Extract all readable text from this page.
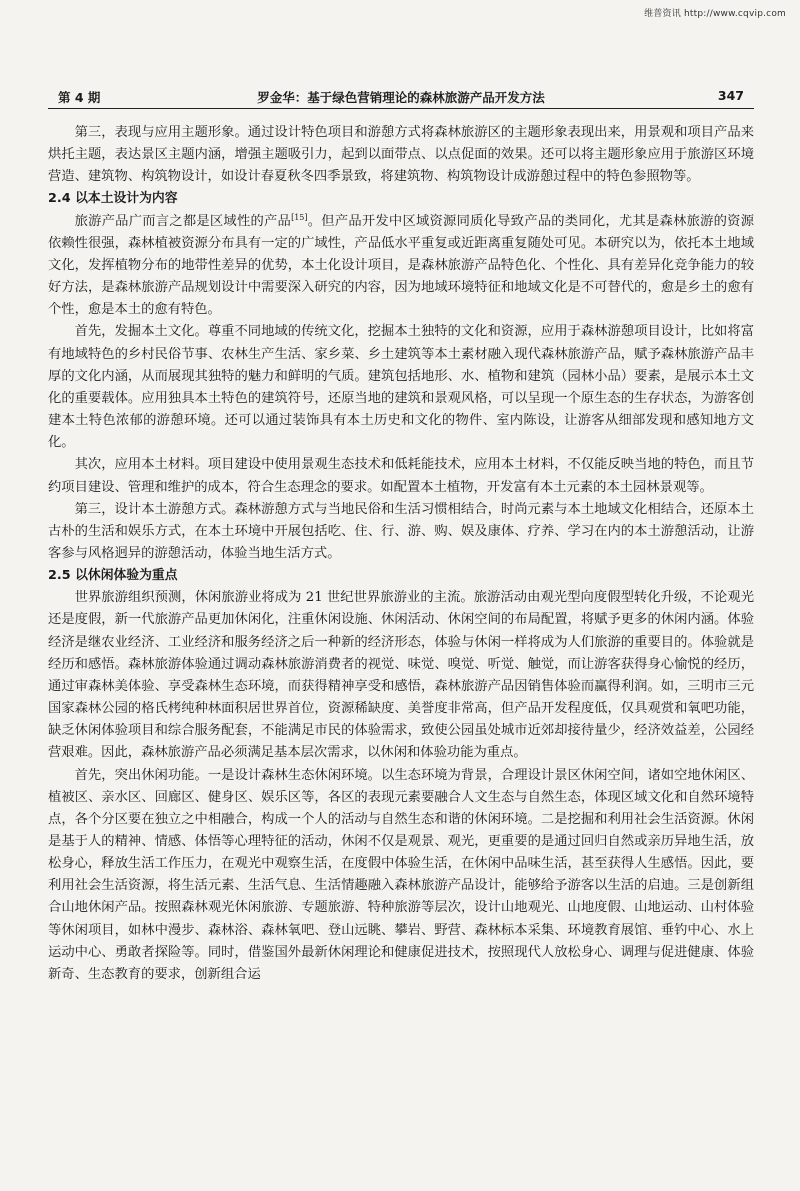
维普资讯 http://www.cqvip.com
罗金华：基于绿色营销理论的森林旅游产品开发方法
第 4 期	347

第三，表现与应用主题形象。通过设计特色项目和游憩方式将森林旅游区的主题形象表现出来，用景观和项目产品来烘托主题，表达景区主题内涵，增强主题吸引力，起到以面带点、以点促面的效果。还可以将主题形象应用于旅游区环境营造、建筑物、构筑物设计，如设计春夏秋冬四季景致，将建筑物、构筑物设计成游憩过程中的特色参照物等。

2.4 以本土设计为内容

旅游产品广而言之都是区域性的产品[15]。但产品开发中区域资源同质化导致产品的类同化，尤其是森林旅游的资源依赖性很强，森林植被资源分布具有一定的广域性，产品低水平重复或近距离重复随处可见。本研究以为，依托本土地域文化，发挥植物分布的地带性差异的优势，本土化设计项目，是森林旅游产品特色化、个性化、具有差异化竞争能力的较好方法，是森林旅游产品规划设计中需要深入研究的内容，因为地域环境特征和地域文化是不可替代的，愈是乡土的愈有个性，愈是本土的愈有特色。

首先，发掘本土文化。尊重不同地域的传统文化，挖掘本土独特的文化和资源，应用于森林游憩项目设计，比如将富有地域特色的乡村民俗节事、农林生产生活、家乡菜、乡土建筑等本土素材融入现代森林旅游产品，赋予森林旅游产品丰厚的文化内涵，从而展现其独特的魅力和鲜明的气质。建筑包括地形、水、植物和建筑（园林小品）要素，是展示本土文化的重要载体。应用独具本土特色的建筑符号，还原当地的建筑和景观风格，可以呈现一个原生态的生存状态，为游客创建本土特色浓郁的游憩环境。还可以通过装饰具有本土历史和文化的物件、室内陈设，让游客从细部发现和感知地方文化。

其次，应用本土材料。项目建设中使用景观生态技术和低耗能技术，应用本土材料，不仅能反映当地的特色，而且节约项目建设、管理和维护的成本，符合生态理念的要求。如配置本土植物，开发富有本土元素的本土园林景观等。

第三，设计本土游憩方式。森林游憩方式与当地民俗和生活习惯相结合，时尚元素与本土地域文化相结合，还原本土古朴的生活和娱乐方式，在本土环境中开展包括吃、住、行、游、购、娱及康体、疗养、学习在内的本土游憩活动，让游客参与风格迥异的游憩活动，体验当地生活方式。

2.5 以休闲体验为重点

世界旅游组织预测，休闲旅游业将成为 21 世纪世界旅游业的主流。旅游活动由观光型向度假型转化升级，不论观光还是度假，新一代旅游产品更加休闲化，注重休闲设施、休闲活动、休闲空间的布局配置，将赋予更多的休闲内涵。体验经济是继农业经济、工业经济和服务经济之后一种新的经济形态，体验与休闲一样将成为人们旅游的重要目的。体验就是经历和感悟。森林旅游体验通过调动森林旅游消费者的视觉、味觉、嗅觉、听觉、触觉，而让游客获得身心愉悦的经历，通过审森林美体验、享受森林生态环境，而获得精神享受和感悟，森林旅游产品因销售体验而赢得利润。如，三明市三元国家森林公园的格氏栲纯种林面积居世界首位，资源稀缺度、美誉度非常高，但产品开发程度低，仅具观赏和氧吧功能，缺乏休闲体验项目和综合服务配套，不能满足市民的体验需求，致使公园虽处城市近郊却接待量少，经济效益差，公园经营艰难。因此，森林旅游产品必须满足基本层次需求，以休闲和体验功能为重点。

首先，突出休闲功能。一是设计森林生态休闲环境。以生态环境为背景，合理设计景区休闲空间，诸如空地休闲区、植被区、亲水区、回廊区、健身区、娱乐区等，各区的表现元素要融合人文生态与自然生态，体现区域文化和自然环境特点，各个分区要在独立之中相融合，构成一个人的活动与自然生态和谐的休闲环境。二是挖掘和利用社会生活资源。休闲是基于人的精神、情感、体悟等心理特征的活动，休闲不仅是观景、观光，更重要的是通过回归自然或亲历异地生活，放松身心，释放生活工作压力，在观光中观察生活，在度假中体验生活，在休闲中品味生活，甚至获得人生感悟。因此，要利用社会生活资源，将生活元素、生活气息、生活情趣融入森林旅游产品设计，能够给予游客以生活的启迪。三是创新组合山地休闲产品。按照森林观光休闲旅游、专题旅游、特种旅游等层次，设计山地观光、山地度假、山地运动、山村体验等休闲项目，如林中漫步、森林浴、森林氧吧、登山远眺、攀岩、野营、森林标本采集、环境教育展馆、垂钓中心、水上运动中心、勇敢者探险等。同时，借鉴国外最新休闲理论和健康促进技术，按照现代人放松身心、调理与促进健康、体验新奇、生态教育的要求，创新组合运
